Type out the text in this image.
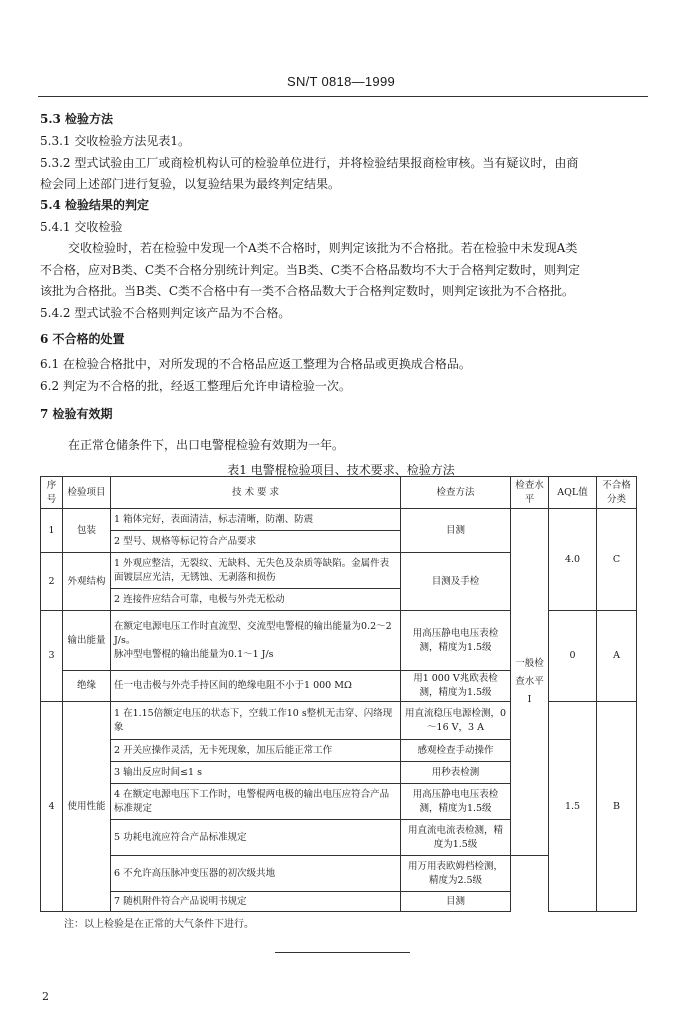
SN/T 0818—1999
5.3 检验方法
5.3.1 交收检验方法见表1。
5.3.2 型式试验由工厂或商检机构认可的检验单位进行，并将检验结果报商检审核。当有疑议时，由商
检会同上述部门进行复验，以复验结果为最终判定结果。
5.4 检验结果的判定
5.4.1 交收检验
交收检验时，若在检验中发现一个A类不合格时，则判定该批为不合格批。若在检验中未发现A类
不合格，应对B类、C类不合格分别统计判定。当B类、C类不合格品数均不大于合格判定数时，则判定
该批为合格批。当B类、C类不合格中有一类不合格品数大于合格判定数时，则判定该批为不合格批。
5.4.2 型式试验不合格则判定该产品为不合格。
6 不合格的处置
6.1 在检验合格批中，对所发现的不合格品应返工整理为合格品或更换成合格品。
6.2 判定为不合格的批，经返工整理后允许申请检验一次。
7 检验有效期
在正常仓储条件下，出口电警棍检验有效期为一年。
表1 电警棍检验项目、技术要求、检验方法
序号	检验项目	技 术 要 求	检查方法	检查水平	AQL值	不合格分类
1	包装	1 箱体完好，表面清洁，标志清晰，防潮、防震	目测	一般检查水平Ⅰ	4.0	C
		2 型号、规格等标记符合产品要求				
2	外观结构	1 外观应整洁，无裂纹、无缺料、无失色及杂质等缺陷。金属件表面镀层应光洁，无锈蚀、无剥落和损伤	目测及手检			
		2 连接件应结合可靠，电极与外壳无松动				
3	输出能量	在额定电源电压工作时直流型、交流型电警棍的输出能量为0.2～2 J/s。
脉冲型电警棍的输出能量为0.1～1 J/s	用高压静电电压表检测，精度为1.5级		0	A
	绝缘	任一电击极与外壳手持区间的绝缘电阻不小于1 000 MΩ	用1 000 V兆欧表检测，精度为1.5级			
4	使用性能	1 在1.15倍额定电压的状态下，空载工作10 s整机无击穿、闪络现象	用直流稳压电源检测，0～16 V，3 A		1.5	B
		2 开关应操作灵活，无卡死现象，加压后能正常工作	感观检查手动操作			
		3 输出反应时间≤1 s	用秒表检测			
		4 在额定电源电压下工作时，电警棍两电极的输出电压应符合产品标准规定	用高压静电电压表检测，精度为1.5级			
		5 功耗电流应符合产品标准规定	用直流电流表检测，精度为1.5级			
		6 不允许高压脉冲变压器的初次级共地	用万用表欧姆档检测，精度为2.5级			
		7 随机附件符合产品说明书规定	目测			
注：以上检验是在正常的大气条件下进行。
2
